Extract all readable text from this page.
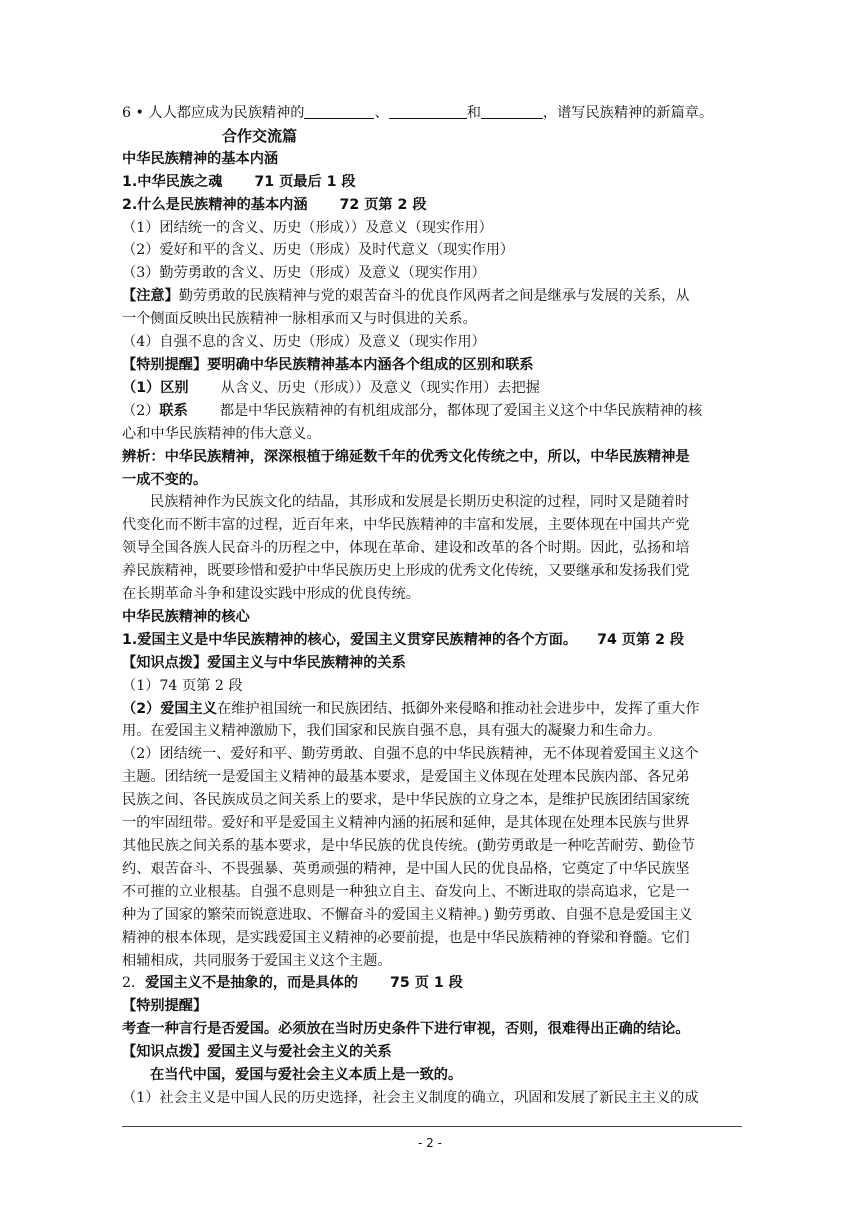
6 • 人人都应成为民族精神的	、	和	，谱写民族精神的新篇章。
合作交流篇
中华民族精神的基本内涵
1.中华民族之魂 71 页最后 1 段
2.什么是民族精神的基本内涵 72 页第 2 段
（1）团结统一的含义、历史（形成））及意义（现实作用）
（2）爱好和平的含义、历史（形成）及时代意义（现实作用）
（3）勤劳勇敢的含义、历史（形成）及意义（现实作用）
【注意】勤劳勇敢的民族精神与党的艰苦奋斗的优良作风两者之间是继承与发展的关系，从
一个侧面反映出民族精神一脉相承而又与时俱进的关系。
（4）自强不息的含义、历史（形成）及意义（现实作用）
【特别提醒】要明确中华民族精神基本内涵各个组成的区别和联系
（1）区别 从含义、历史（形成））及意义（现实作用）去把握
（2）联系 都是中华民族精神的有机组成部分，都体现了爱国主义这个中华民族精神的核
心和中华民族精神的伟大意义。
辨析：中华民族精神，深深根植于绵延数千年的优秀文化传统之中，所以，中华民族精神是
一成不变的。
民族精神作为民族文化的结晶，其形成和发展是长期历史积淀的过程，同时又是随着时
代变化而不断丰富的过程，近百年来，中华民族精神的丰富和发展，主要体现在中国共产党
领导全国各族人民奋斗的历程之中，体现在革命、建设和改革的各个时期。因此，弘扬和培
养民族精神，既要珍惜和爱护中华民族历史上形成的优秀文化传统，又要继承和发扬我们党
在长期革命斗争和建设实践中形成的优良传统。
中华民族精神的核心
1.爱国主义是中华民族精神的核心，爱国主义贯穿民族精神的各个方面。 74 页第 2 段
【知识点拨】爱国主义与中华民族精神的关系
（1）74 页第 2 段
（2）爱国主义在维护祖国统一和民族团结、抵御外来侵略和推动社会进步中，发挥了重大作
用。在爱国主义精神激励下，我们国家和民族自强不息，具有强大的凝聚力和生命力。
（2）团结统一、爱好和平、勤劳勇敢、自强不息的中华民族精神，无不体现着爱国主义这个
主题。团结统一是爱国主义精神的最基本要求，是爱国主义体现在处理本民族内部、各兄弟
民族之间、各民族成员之间关系上的要求，是中华民族的立身之本，是维护民族团结国家统
一的牢固纽带。爱好和平是爱国主义精神内涵的拓展和延伸，是其体现在处理本民族与世界
其他民族之间关系的基本要求，是中华民族的优良传统。(勤劳勇敢是一种吃苦耐劳、勤俭节
约、艰苦奋斗、不畏强暴、英勇顽强的精神，是中国人民的优良品格，它奠定了中华民族坚
不可摧的立业根基。自强不息则是一种独立自主、奋发向上、不断进取的崇高追求，它是一
种为了国家的繁荣而锐意进取、不懈奋斗的爱国主义精神。) 勤劳勇敢、自强不息是爱国主义
精神的根本体现，是实践爱国主义精神的必要前提，也是中华民族精神的脊梁和脊髓。它们
相辅相成，共同服务于爱国主义这个主题。
2．爱国主义不是抽象的，而是具体的 75 页 1 段
【特别提醒】
考查一种言行是否爱国。必须放在当时历史条件下进行审视，否则，很难得出正确的结论。
【知识点拨】爱国主义与爱社会主义的关系
在当代中国，爱国与爱社会主义本质上是一致的。
（1）社会主义是中国人民的历史选择，社会主义制度的确立，巩固和发展了新民主主义的成
- 2 -
